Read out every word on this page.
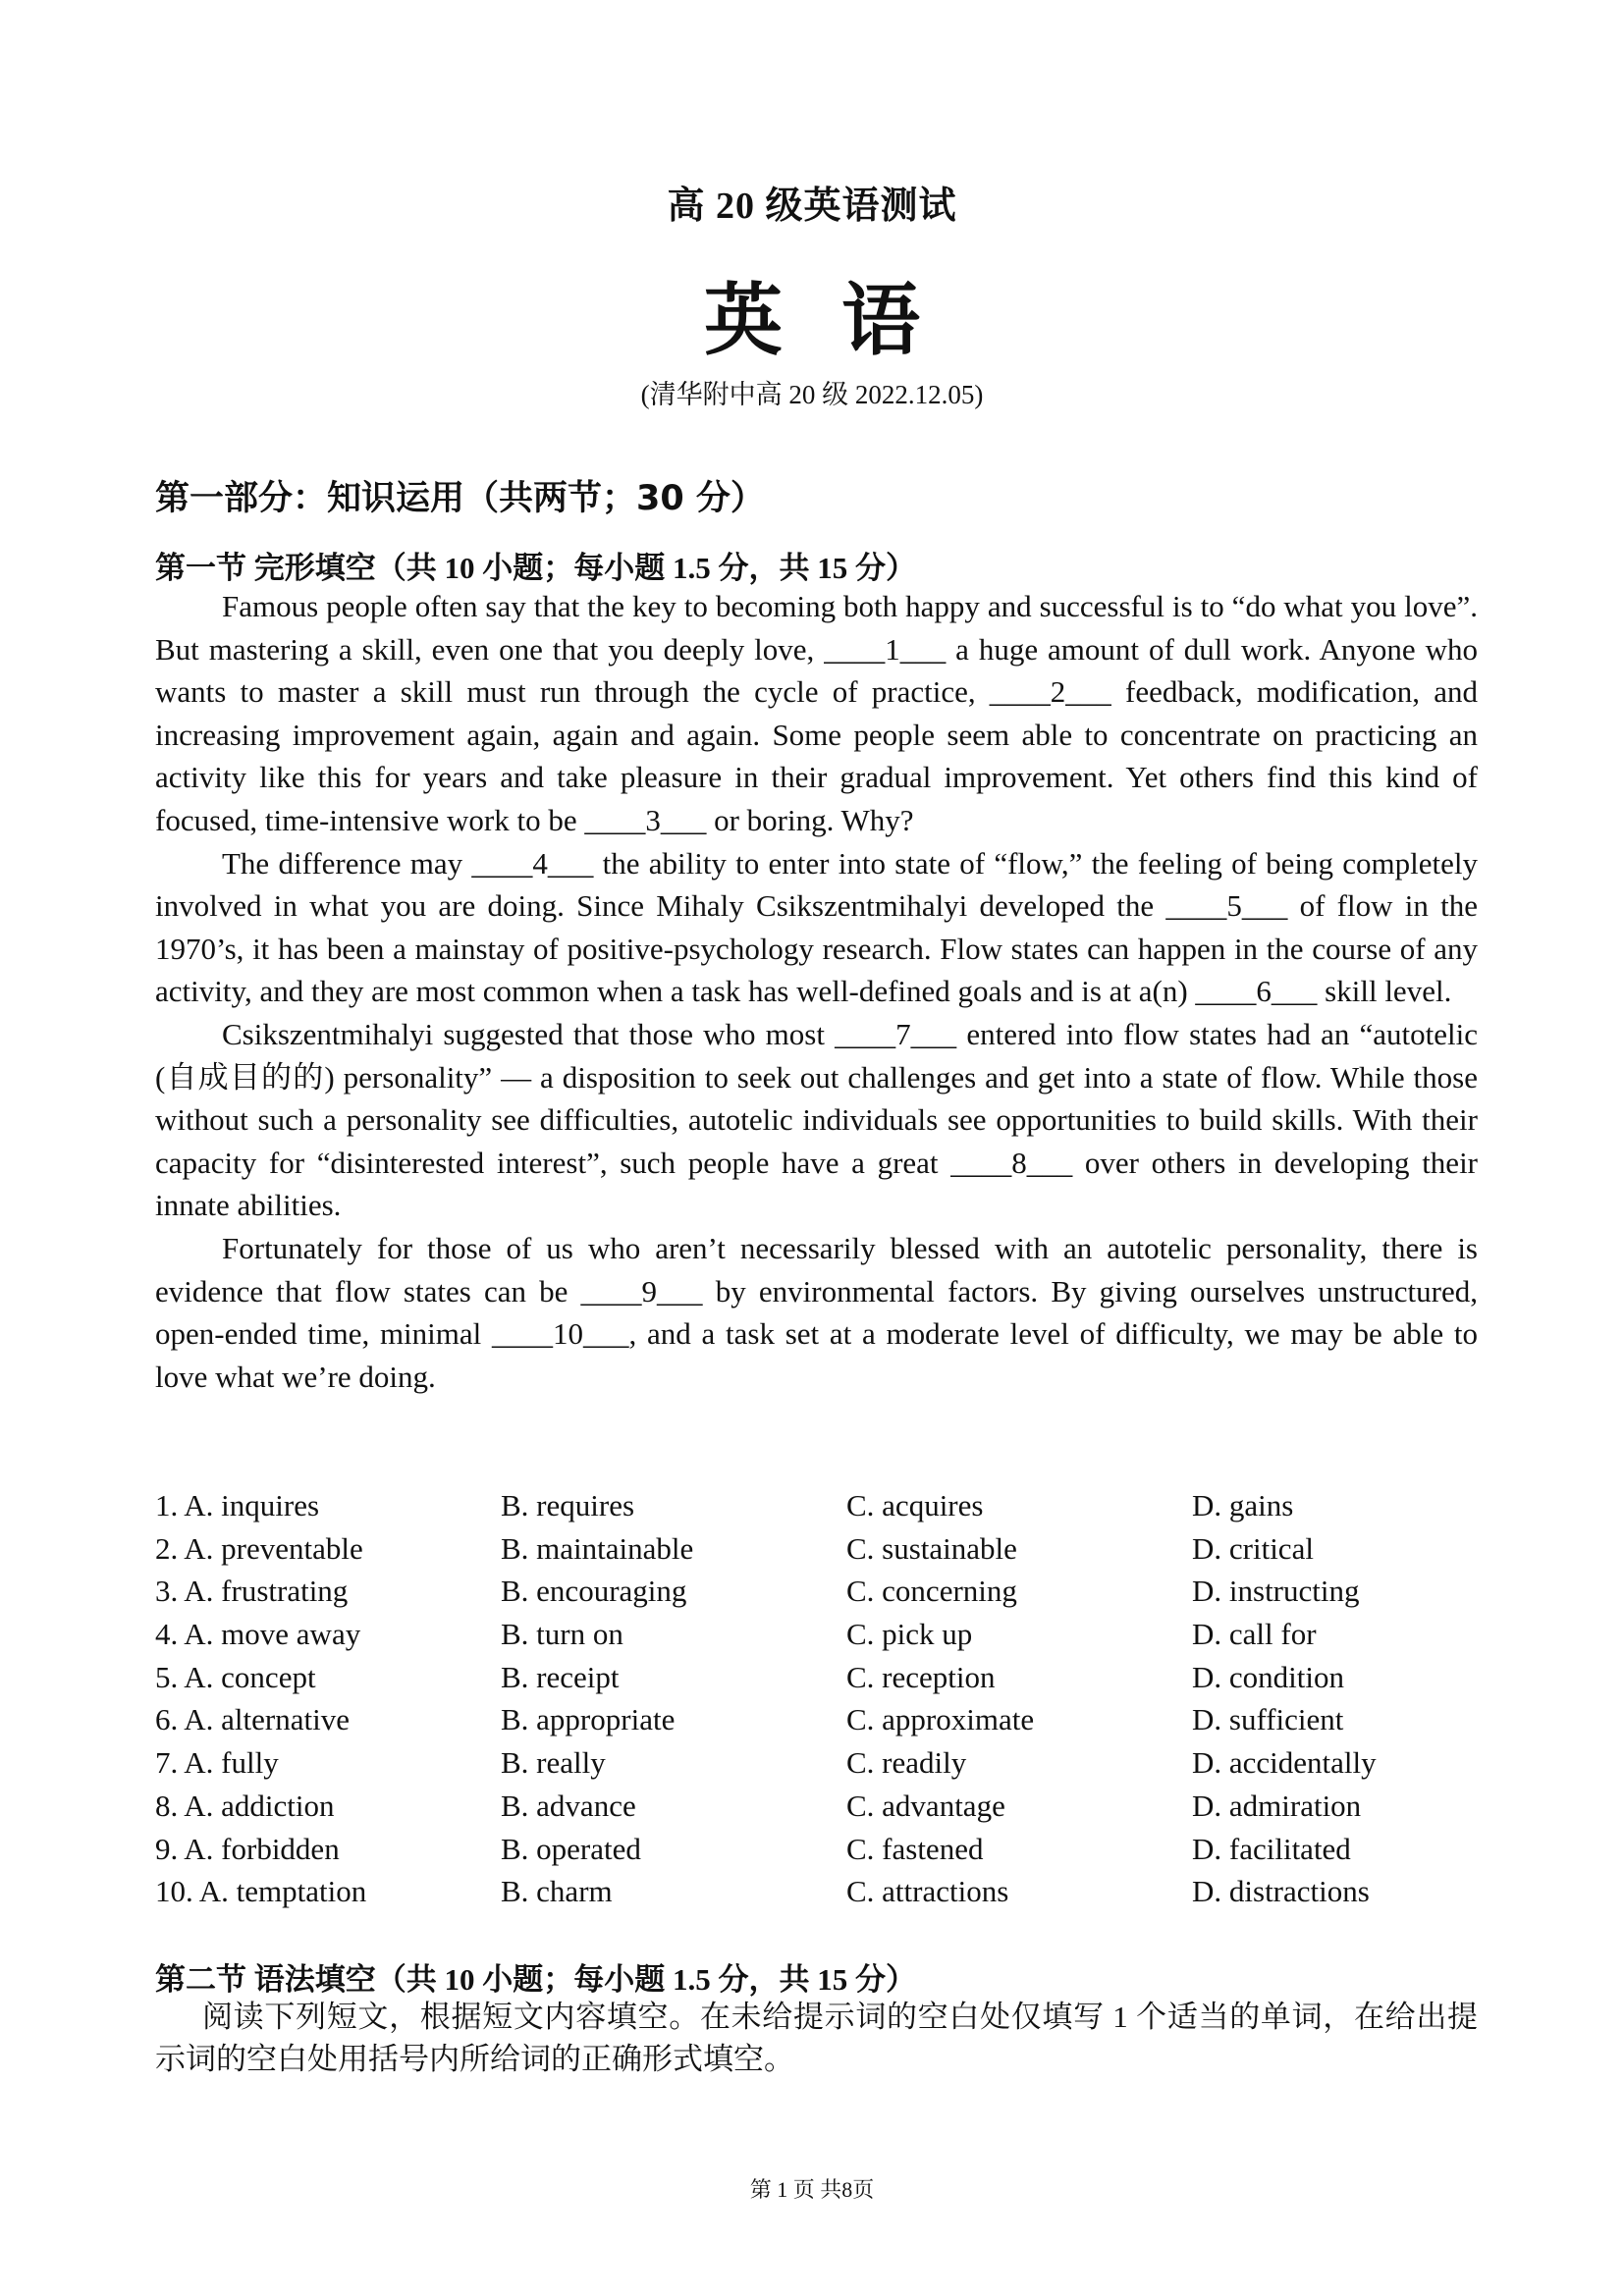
高 20 级英语测试
英语
(清华附中高 20 级 2022.12.05)
第一部分：知识运用（共两节；30 分）
第一节 完形填空（共 10 小题；每小题 1.5 分，共 15 分）

Famous people often say that the key to becoming both happy and successful is to “do what you love”. But mastering a skill, even one that you deeply love, ____1___ a huge amount of dull work. Anyone who wants to master a skill must run through the cycle of practice, ____2___ feedback, modification, and increasing improvement again, again and again. Some people seem able to concentrate on practicing an activity like this for years and take pleasure in their gradual improvement. Yet others find this kind of focused, time-intensive work to be ____3___ or boring. Why?

The difference may ____4___ the ability to enter into state of “flow,” the feeling of being completely involved in what you are doing. Since Mihaly Csikszentmihalyi developed the ____5___ of flow in the 1970’s, it has been a mainstay of positive-psychology research. Flow states can happen in the course of any activity, and they are most common when a task has well-defined goals and is at a(n) ____6___ skill level.

Csikszentmihalyi suggested that those who most ____7___ entered into flow states had an “autotelic (自成目的的) personality” — a disposition to seek out challenges and get into a state of flow. While those without such a personality see difficulties, autotelic individuals see opportunities to build skills. With their capacity for “disinterested interest”, such people have a great ____8___ over others in developing their innate abilities.

Fortunately for those of us who aren’t necessarily blessed with an autotelic personality, there is evidence that flow states can be ____9___ by environmental factors. By giving ourselves unstructured, open-ended time, minimal ____10___, and a task set at a moderate level of difficulty, we may be able to love what we’re doing.

1. A. inquires	B. requires	C. acquires	D. gains
2. A. preventable	B. maintainable	C. sustainable	D. critical
3. A. frustrating	B. encouraging	C. concerning	D. instructing
4. A. move away	B. turn on	C. pick up	D. call for
5. A. concept	B. receipt	C. reception	D. condition
6. A. alternative	B. appropriate	C. approximate	D. sufficient
7. A. fully	B. really	C. readily	D. accidentally
8. A. addiction	B. advance	C. advantage	D. admiration
9. A. forbidden	B. operated	C. fastened	D. facilitated
10. A. temptation	B. charm	C. attractions	D. distractions
第二节 语法填空（共 10 小题；每小题 1.5 分，共 15 分）
阅读下列短文，根据短文内容填空。在未给提示词的空白处仅填写 1 个适当的单词，在给出提示词的空白处用括号内所给词的正确形式填空。
第 1 页 共8页
